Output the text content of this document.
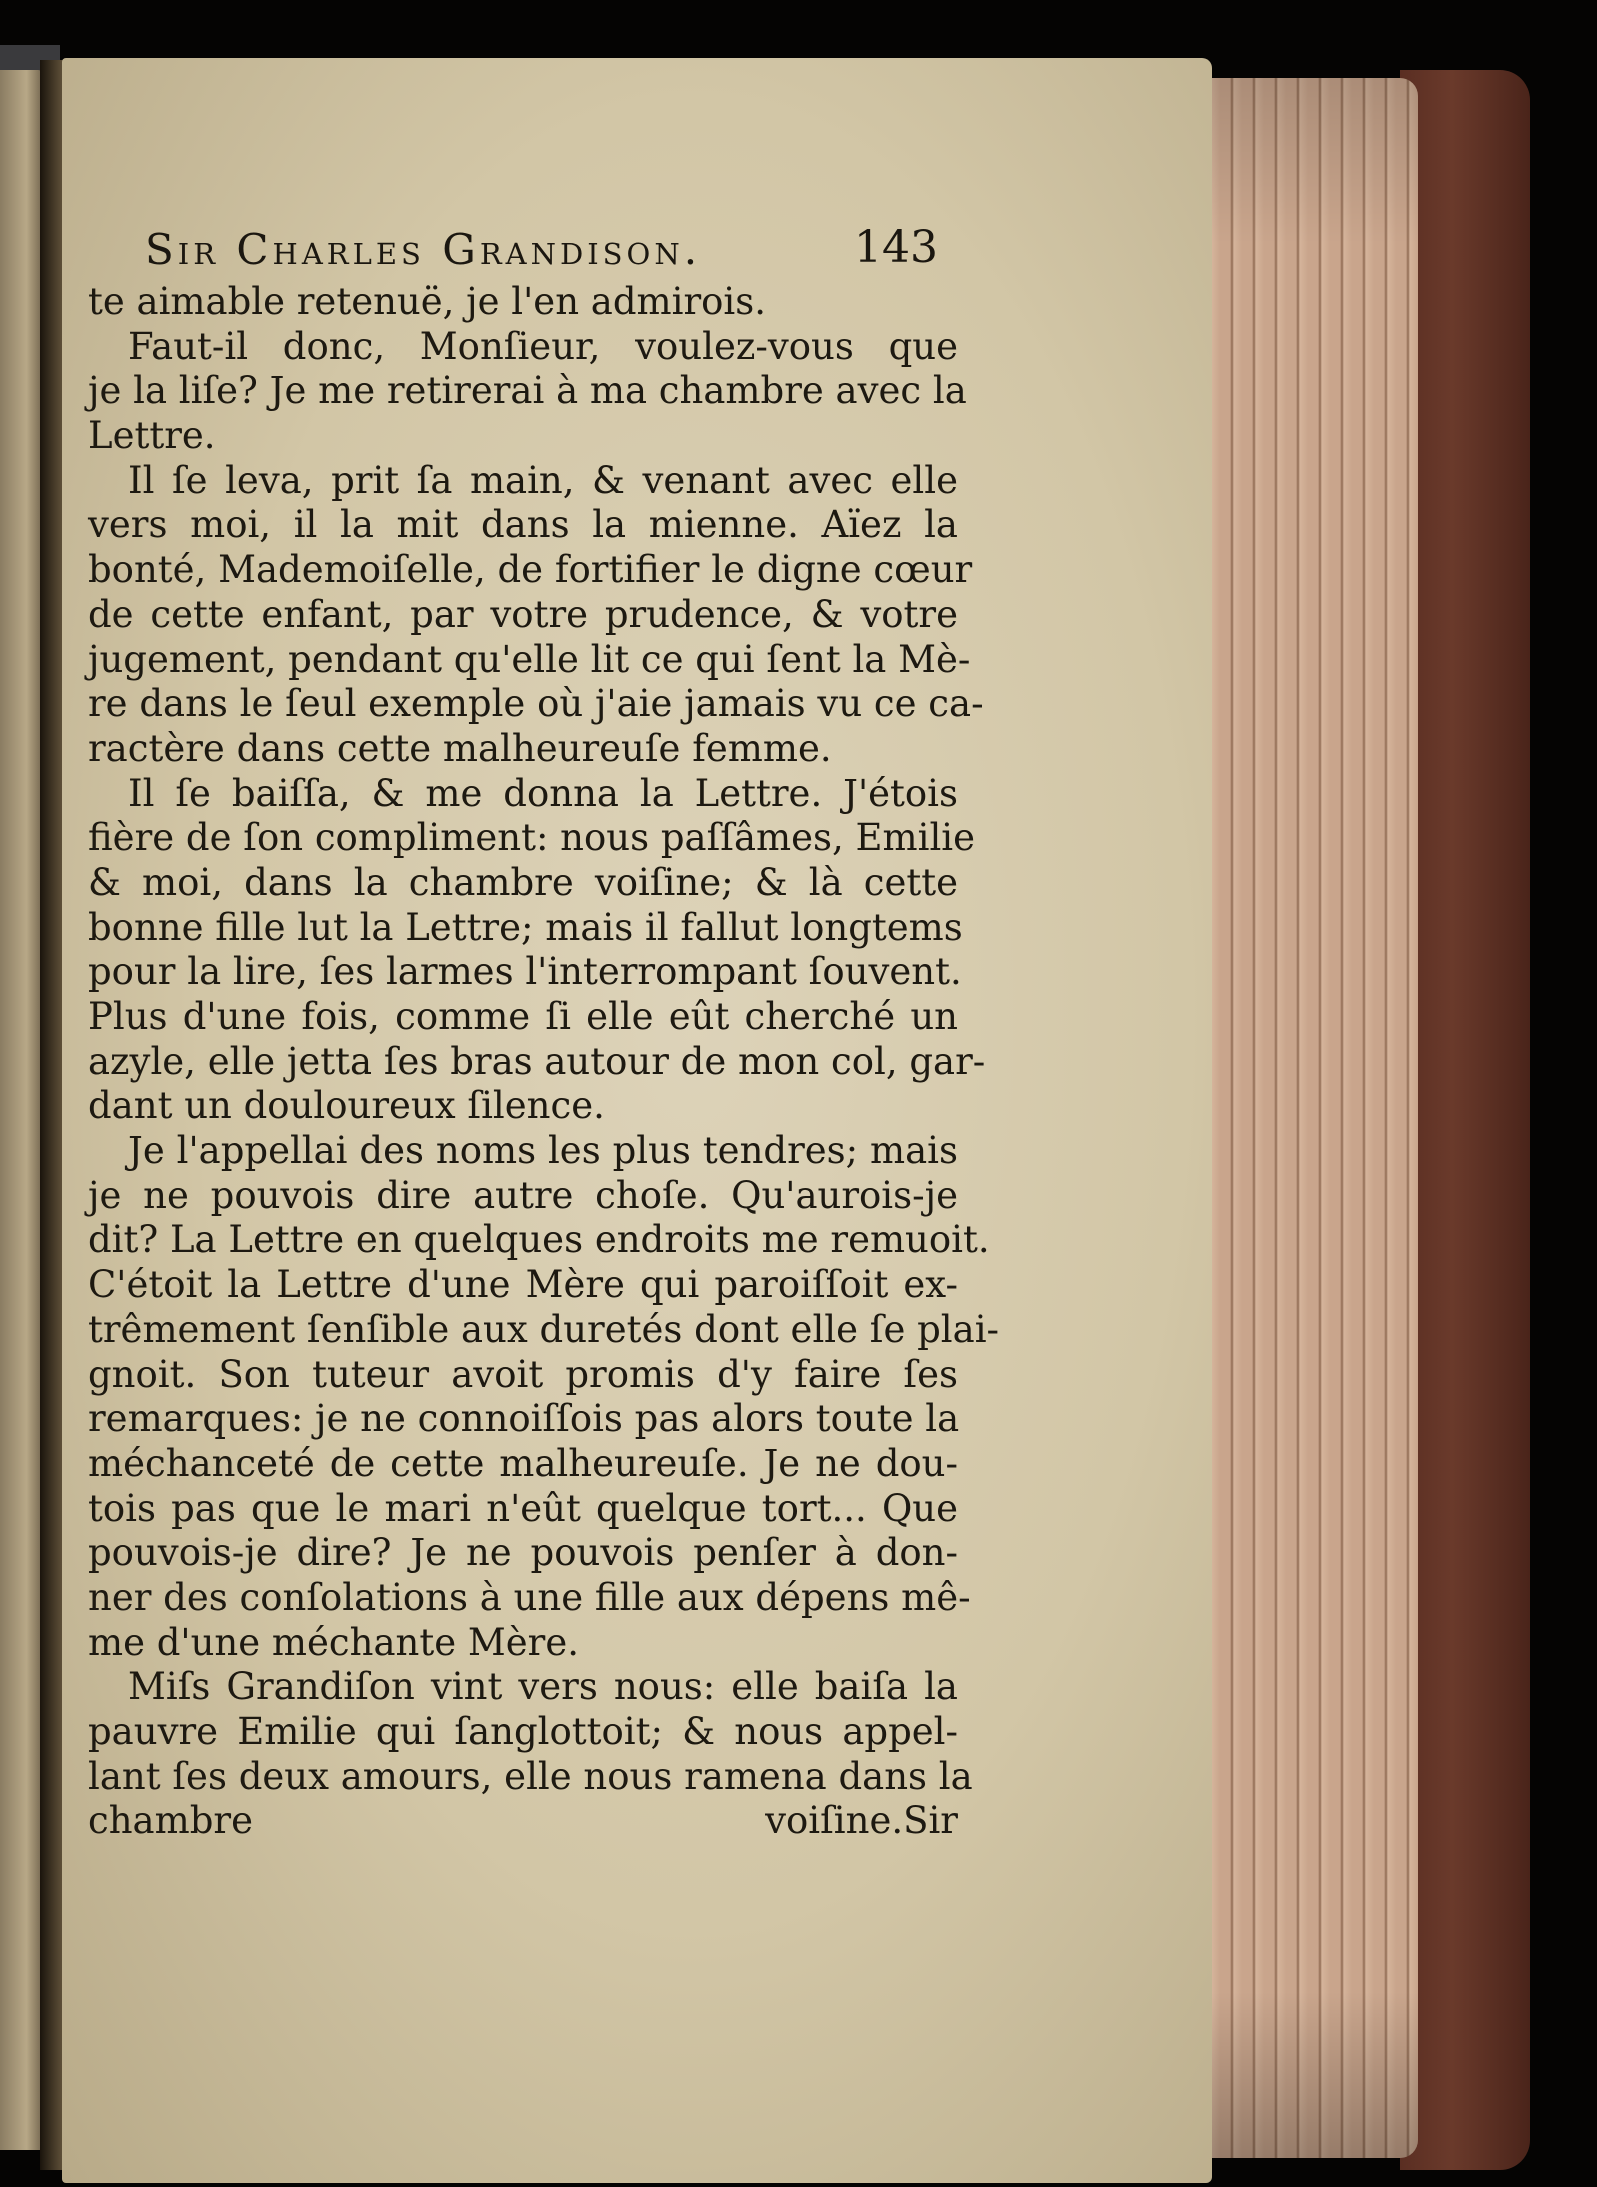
Sir Charles Grandison.	143
te aimable retenuë, je l'en admirois.
Faut-il donc, Monſieur, voulez-vous que
je la liſe? Je me retirerai à ma chambre avec la
Lettre.
Il ſe leva, prit ſa main, & venant avec elle
vers moi, il la mit dans la mienne. Aïez la
bonté, Mademoiſelle, de fortifier le digne cœur
de cette enfant, par votre prudence, & votre
jugement, pendant qu'elle lit ce qui ſent la Mè-
re dans le ſeul exemple où j'aie jamais vu ce ca-
ractère dans cette malheureuſe femme.
Il ſe baiſſa, & me donna la Lettre. J'étois
fière de ſon compliment: nous paſſâmes, Emilie
& moi, dans la chambre voiſine; & là cette
bonne fille lut la Lettre; mais il fallut longtems
pour la lire, ſes larmes l'interrompant ſouvent.
Plus d'une fois, comme ſi elle eût cherché un
azyle, elle jetta ſes bras autour de mon col, gar-
dant un douloureux ſilence.
Je l'appellai des noms les plus tendres; mais
je ne pouvois dire autre choſe. Qu'aurois-je
dit? La Lettre en quelques endroits me remuoit.
C'étoit la Lettre d'une Mère qui paroiſſoit ex-
trêmement ſenſible aux duretés dont elle ſe plai-
gnoit. Son tuteur avoit promis d'y faire ſes
remarques: je ne connoiſſois pas alors toute la
méchanceté de cette malheureuſe. Je ne dou-
tois pas que le mari n'eût quelque tort... Que
pouvois-je dire? Je ne pouvois penſer à don-
ner des conſolations à une fille aux dépens mê-
me d'une méchante Mère.
Miſs Grandiſon vint vers nous: elle baiſa la
pauvre Emilie qui ſanglottoit; & nous appel-
lant ſes deux amours, elle nous ramena dans la
chambre voiſine. Sir
